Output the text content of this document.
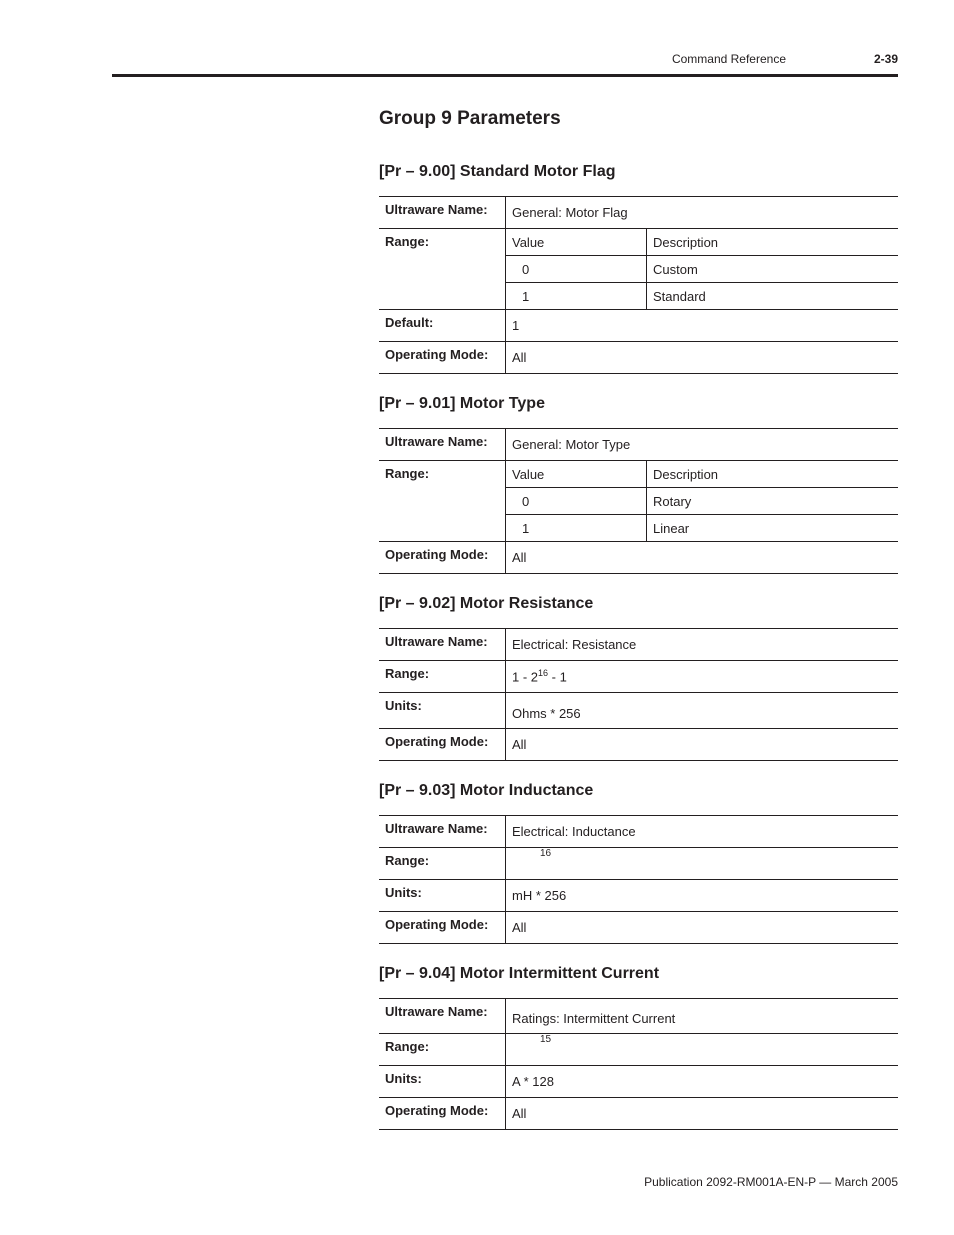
Command Reference	2-39
Group 9 Parameters
[Pr – 9.00] Standard Motor Flag
Ultraware Name:	General: Motor Flag	
Range:	Value	Description
	0	Custom
	1	Standard
Default:	1	
Operating Mode:	All	
[Pr – 9.01] Motor Type
Ultraware Name:	General: Motor Type	
Range:	Value	Description
	0	Rotary
	1	Linear
Operating Mode:	All	
[Pr – 9.02] Motor Resistance
Ultraware Name:	Electrical: Resistance
Range:	$1 - 2^{16} - 1$
Units:	Ohms * 256
Operating Mode:	All
[Pr – 9.03] Motor Inductance
Ultraware Name:	Electrical: Inductance
Range:	$^{16}$
Units:	mH * 256
Operating Mode:	All
[Pr – 9.04] Motor Intermittent Current
Ultraware Name:	Ratings: Intermittent Current
Range:	$^{15}$
Units:	A * 128
Operating Mode:	All
Publication 2092-RM001A-EN-P — March 2005
